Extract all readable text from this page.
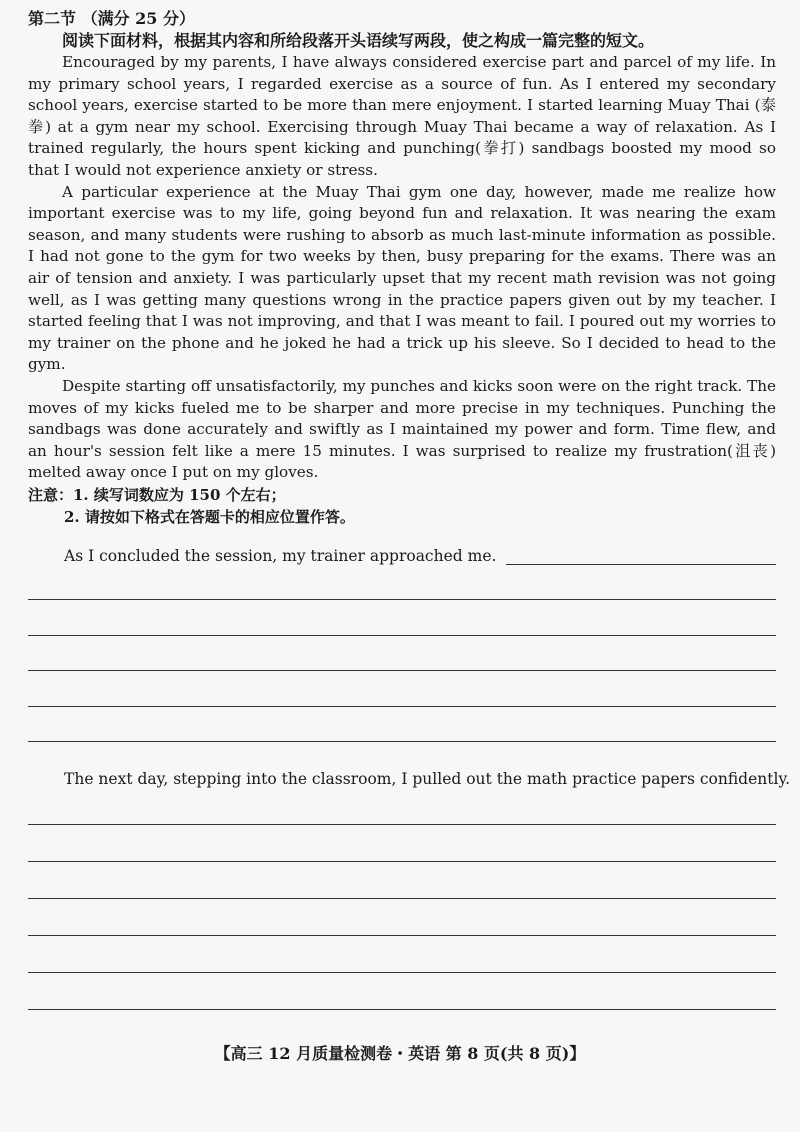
第二节 （满分 25 分）
阅读下面材料，根据其内容和所给段落开头语续写两段，使之构成一篇完整的短文。

Encouraged by my parents, I have always considered exercise part and parcel of my life. In my primary school years, I regarded exercise as a source of fun. As I entered my secondary school years, exercise started to be more than mere enjoyment. I started learning Muay Thai (泰拳) at a gym near my school. Exercising through Muay Thai became a way of relaxation. As I trained regularly, the hours spent kicking and punching(拳打) sandbags boosted my mood so that I would not experience anxiety or stress.

A particular experience at the Muay Thai gym one day, however, made me realize how important exercise was to my life, going beyond fun and relaxation. It was nearing the exam season, and many students were rushing to absorb as much last-minute information as possible. I had not gone to the gym for two weeks by then, busy preparing for the exams. There was an air of tension and anxiety. I was particularly upset that my recent math revision was not going well, as I was getting many questions wrong in the practice papers given out by my teacher. I started feeling that I was not improving, and that I was meant to fail. I poured out my worries to my trainer on the phone and he joked he had a trick up his sleeve. So I decided to head to the gym.

Despite starting off unsatisfactorily, my punches and kicks soon were on the right track. The moves of my kicks fueled me to be sharper and more precise in my techniques. Punching the sandbags was done accurately and swiftly as I maintained my power and form. Time flew, and an hour's session felt like a mere 15 minutes. I was surprised to realize my frustration(沮丧) melted away once I put on my gloves.

注意：1. 续写词数应为 150 个左右；
2. 请按如下格式在答题卡的相应位置作答。
As I concluded the session, my trainer approached me.
The next day, stepping into the classroom, I pulled out the math practice papers confidently.
【高三 12 月质量检测卷・英语 第 8 页(共 8 页)】
